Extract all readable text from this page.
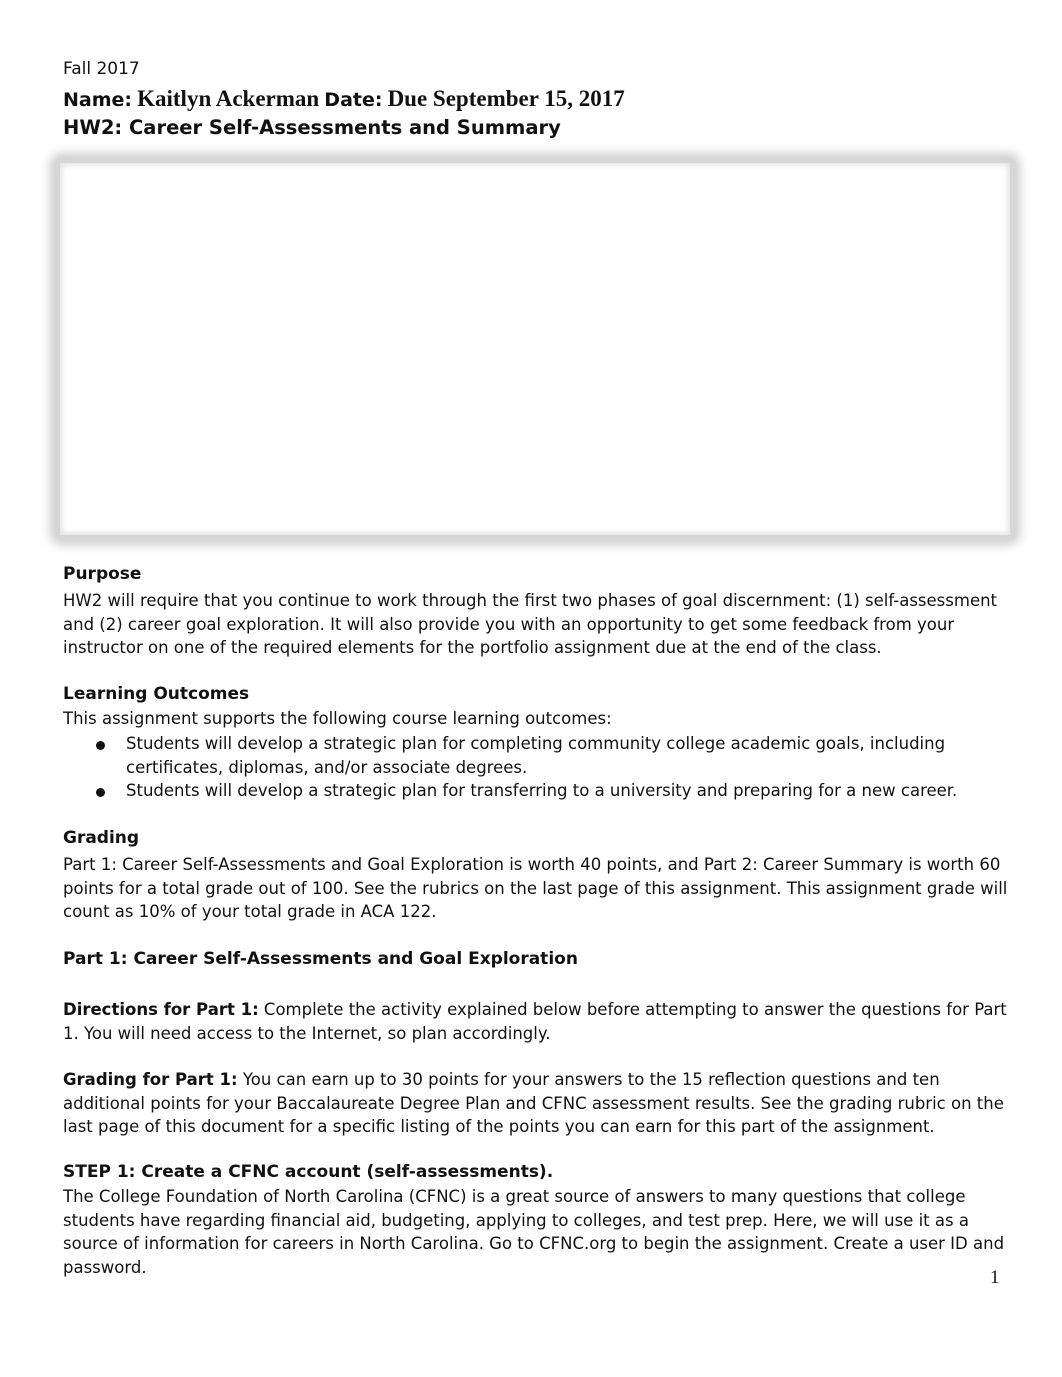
Fall 2017
Name: Kaitlyn Ackerman Date: Due September 15, 2017
HW2: Career Self-Assessments and Summary
Purpose
HW2 will require that you continue to work through the first two phases of goal discernment: (1) self-assessment and (2) career goal exploration. It will also provide you with an opportunity to get some feedback from your instructor on one of the required elements for the portfolio assignment due at the end of the class.
Learning Outcomes
This assignment supports the following course learning outcomes:
Students will develop a strategic plan for completing community college academic goals, including certificates, diplomas, and/or associate degrees.
Students will develop a strategic plan for transferring to a university and preparing for a new career.
Grading
Part 1: Career Self-Assessments and Goal Exploration is worth 40 points, and Part 2: Career Summary is worth 60 points for a total grade out of 100. See the rubrics on the last page of this assignment. This assignment grade will count as 10% of your total grade in ACA 122.
Part 1: Career Self-Assessments and Goal Exploration
Directions for Part 1: Complete the activity explained below before attempting to answer the questions for Part 1. You will need access to the Internet, so plan accordingly.
Grading for Part 1: You can earn up to 30 points for your answers to the 15 reflection questions and ten additional points for your Baccalaureate Degree Plan and CFNC assessment results. See the grading rubric on the last page of this document for a specific listing of the points you can earn for this part of the assignment.
STEP 1: Create a CFNC account (self-assessments).
The College Foundation of North Carolina (CFNC) is a great source of answers to many questions that college students have regarding financial aid, budgeting, applying to colleges, and test prep. Here, we will use it as a source of information for careers in North Carolina. Go to CFNC.org to begin the assignment. Create a user ID and password.	1
